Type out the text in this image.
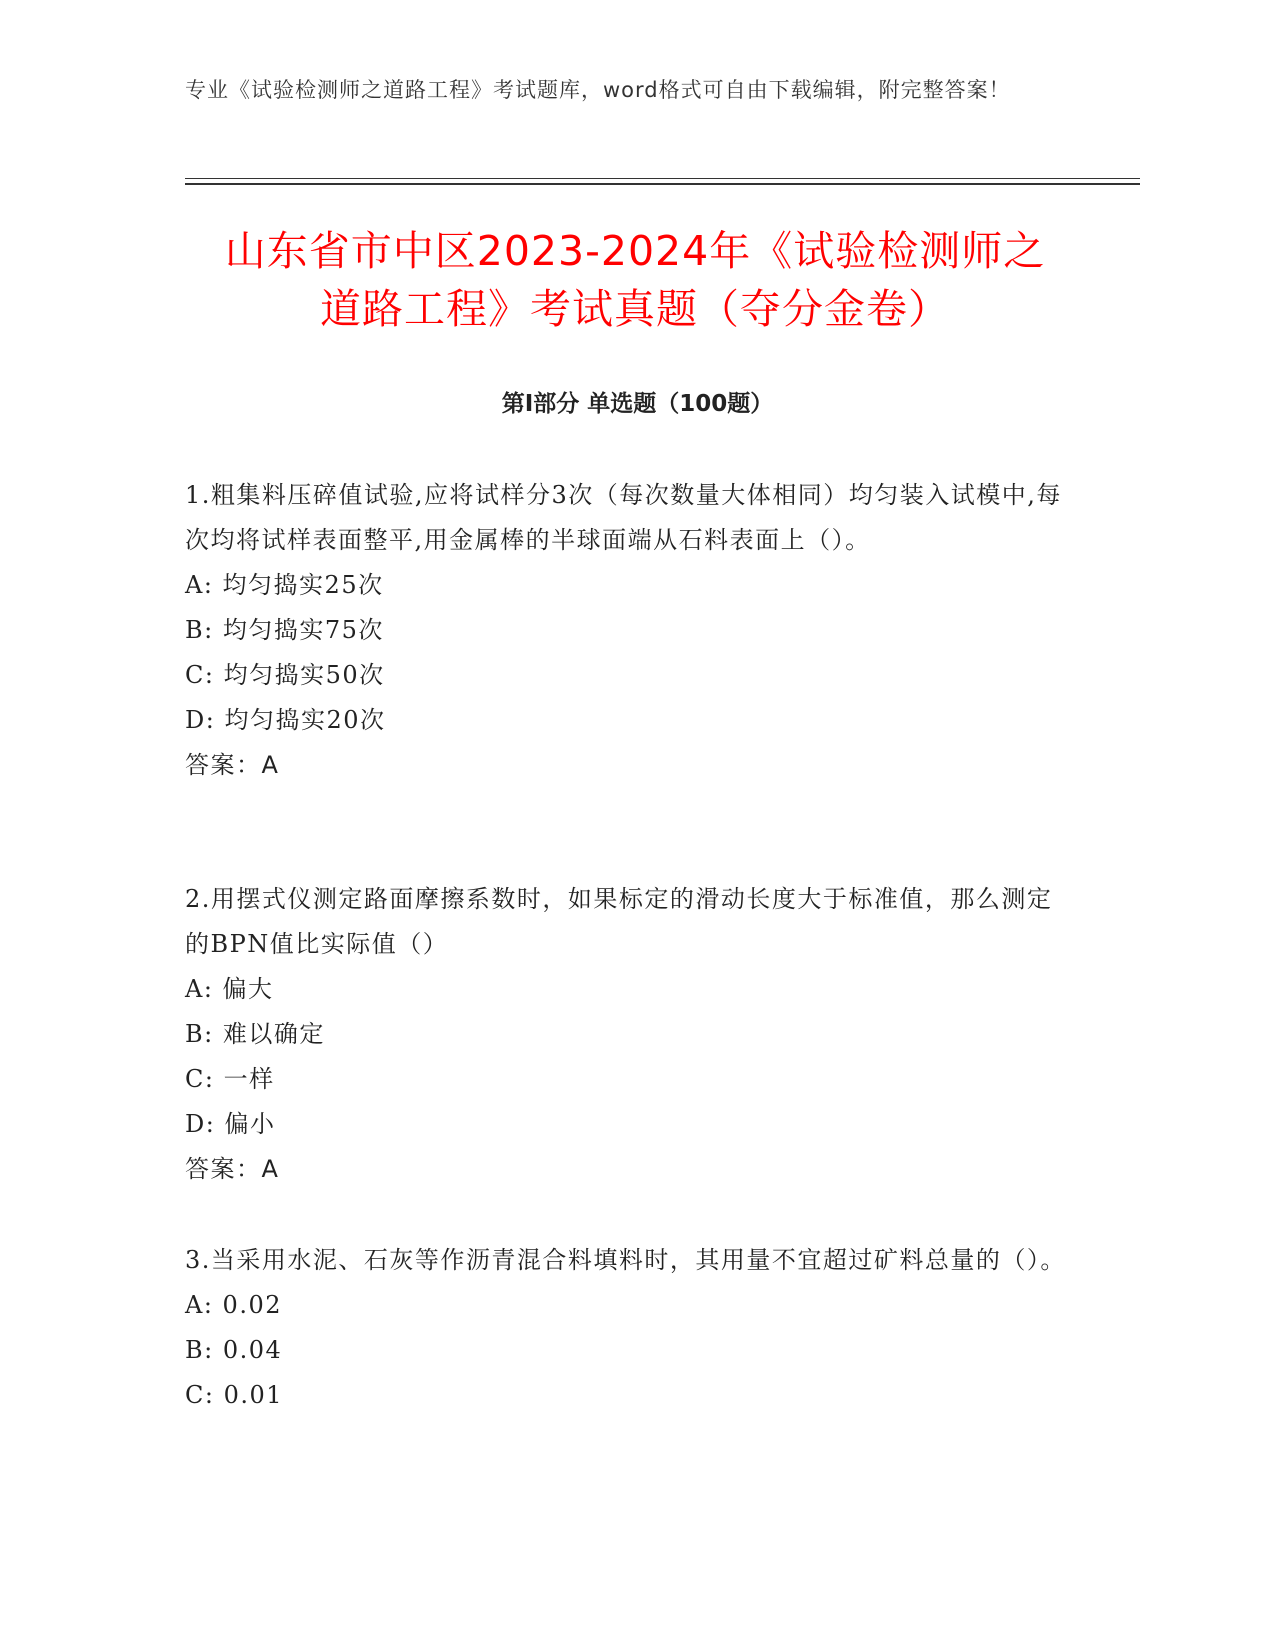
专业《试验检测师之道路工程》考试题库，word格式可自由下载编辑，附完整答案！
山东省市中区2023-2024年《试验检测师之
道路工程》考试真题（夺分金卷）
第I部分 单选题（100题）
1.粗集料压碎值试验,应将试样分3次（每次数量大体相同）均匀装入试模中,每次均将试样表面整平,用金属棒的半球面端从石料表面上（）。
A: 均匀捣实25次
B: 均匀捣实75次
C: 均匀捣实50次
D: 均匀捣实20次
答案：A
2.用摆式仪测定路面摩擦系数时，如果标定的滑动长度大于标准值，那么测定的BPN值比实际值（）
A: 偏大
B: 难以确定
C: 一样
D: 偏小
答案：A
3.当采用水泥、石灰等作沥青混合料填料时，其用量不宜超过矿料总量的（）。
A: 0.02
B: 0.04
C: 0.01
